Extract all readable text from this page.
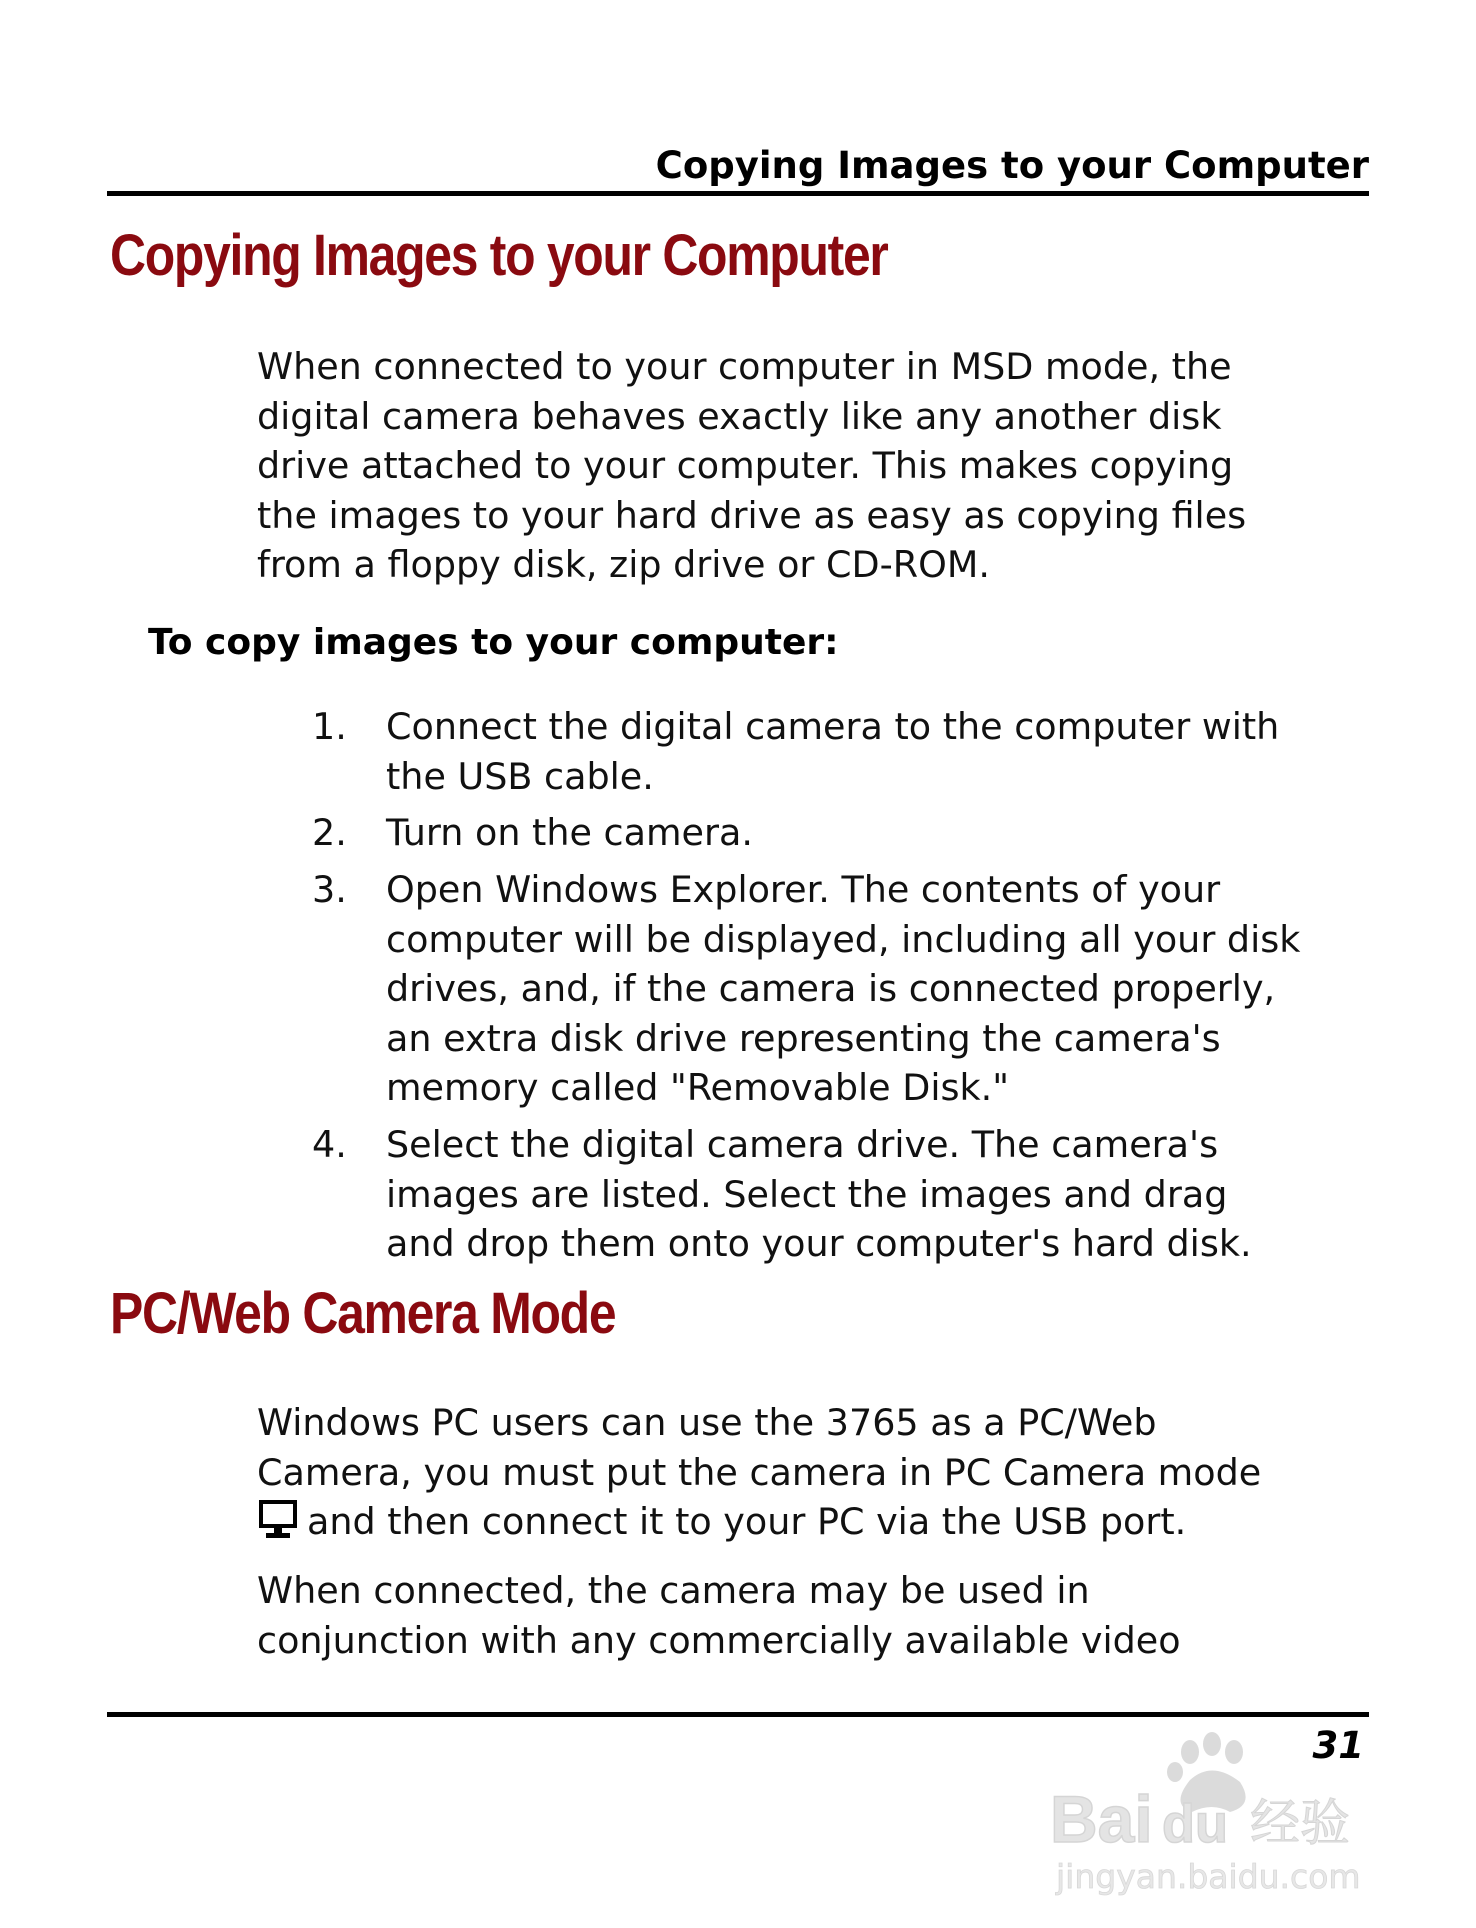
Copying Images to your Computer
Copying Images to your Computer

When connected to your computer in MSD mode, the
digital camera behaves exactly like any another disk
drive attached to your computer. This makes copying
the images to your hard drive as easy as copying files
from a floppy disk, zip drive or CD-ROM.

To copy images to your computer:
1. Connect the digital camera to the computer with
the USB cable.
2. Turn on the camera.
3. Open Windows Explorer. The contents of your
computer will be displayed, including all your disk
drives, and, if the camera is connected properly,
an extra disk drive representing the camera's
memory called "Removable Disk."
4. Select the digital camera drive. The camera's
images are listed. Select the images and drag
and drop them onto your computer's hard disk.
PC/Web Camera Mode

Windows PC users can use the 3765 as a PC/Web
Camera, you must put the camera in PC Camera mode
and then connect it to your PC via the USB port.

When connected, the camera may be used in
conjunction with any commercially available video

31
Bai du 经验
jingyan.baidu.com
